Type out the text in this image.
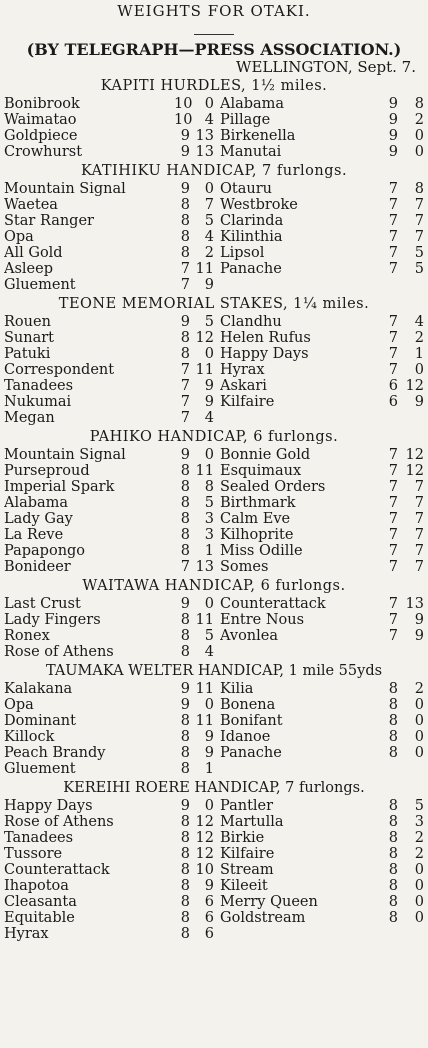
WEIGHTS FOR OTAKI.
(BY TELEGRAPH—PRESS ASSOCIATION.)
WELLINGTON, Sept. 7.
KAPITI HURDLES, 1½ miles.
Bonibrook	10 0 Alabama	9	8
Waimatao	10 4 Pillage	9	2
Goldpiece	9 13 Birkenella	9	0
Crowhurst	9 13 Manutai	9	0
KATIHIKU HANDICAP, 7 furlongs.
Mountain Signal	9	0 Otauru	7	8
Waetea	8	7 Westbroke	7	7
Star Ranger	8	5 Clarinda	7	7
Opa	8	4 Kilinthia	7	7
All Gold	8	2 Lipsol	7	5
Asleep	7 11 Panache	7	5
Gluement	7	9
TEONE MEMORIAL STAKES, 1¼ miles.
Rouen	9	5 Clandhu	7	4
Sunart	8 12 Helen Rufus	7	2
Patuki	8	0 Happy Days	7	1
Correspondent	7 11 Hyrax	7	0
Tanadees	7	9 Askari	6 12
Nukumai	7	9 Kilfaire	6	9
Megan	7	4
PAHIKO HANDICAP, 6 furlongs.
Mountain Signal	9	0 Bonnie Gold	7 12
Purseproud	8 11 Esquimaux	7 12
Imperial Spark	8	8 Sealed Orders	7	7
Alabama	8	5 Birthmark	7	7
Lady Gay	8	3 Calm Eve	7	7
La Reve	8	3 Kilhoprite	7	7
Papapongo	8	1 Miss Odille	7	7
Bonideer	7 13 Somes	7	7
WAITAWA HANDICAP, 6 furlongs.
Last Crust	9	0 Counterattack	7 13
Lady Fingers	8 11 Entre Nous	7	9
Ronex	8	5 Avonlea	7	9
Rose of Athens	8	4
TAUMAKA WELTER HANDICAP, 1 mile 55yds
Kalakana	9 11 Kilia	8	2
Opa	9	0 Bonena	8	0
Dominant	8 11 Bonifant	8	0
Killock	8	9 Idanoe	8	0
Peach Brandy	8	9 Panache	8	0
Gluement	8	1
KEREIHI ROERE HANDICAP, 7 furlongs.
Happy Days	9	0 Pantler	8	5
Rose of Athens	8 12 Martulla	8	3
Tanadees	8 12 Birkie	8	2
Tussore	8 12 Kilfaire	8	2
Counterattack	8 10 Stream	8	0
Ihapotoa	8	9 Kileeit	8	0
Cleasanta	8	6 Merry Queen	8	0
Equitable	8	6 Goldstream	8	0
Hyrax	8	6
